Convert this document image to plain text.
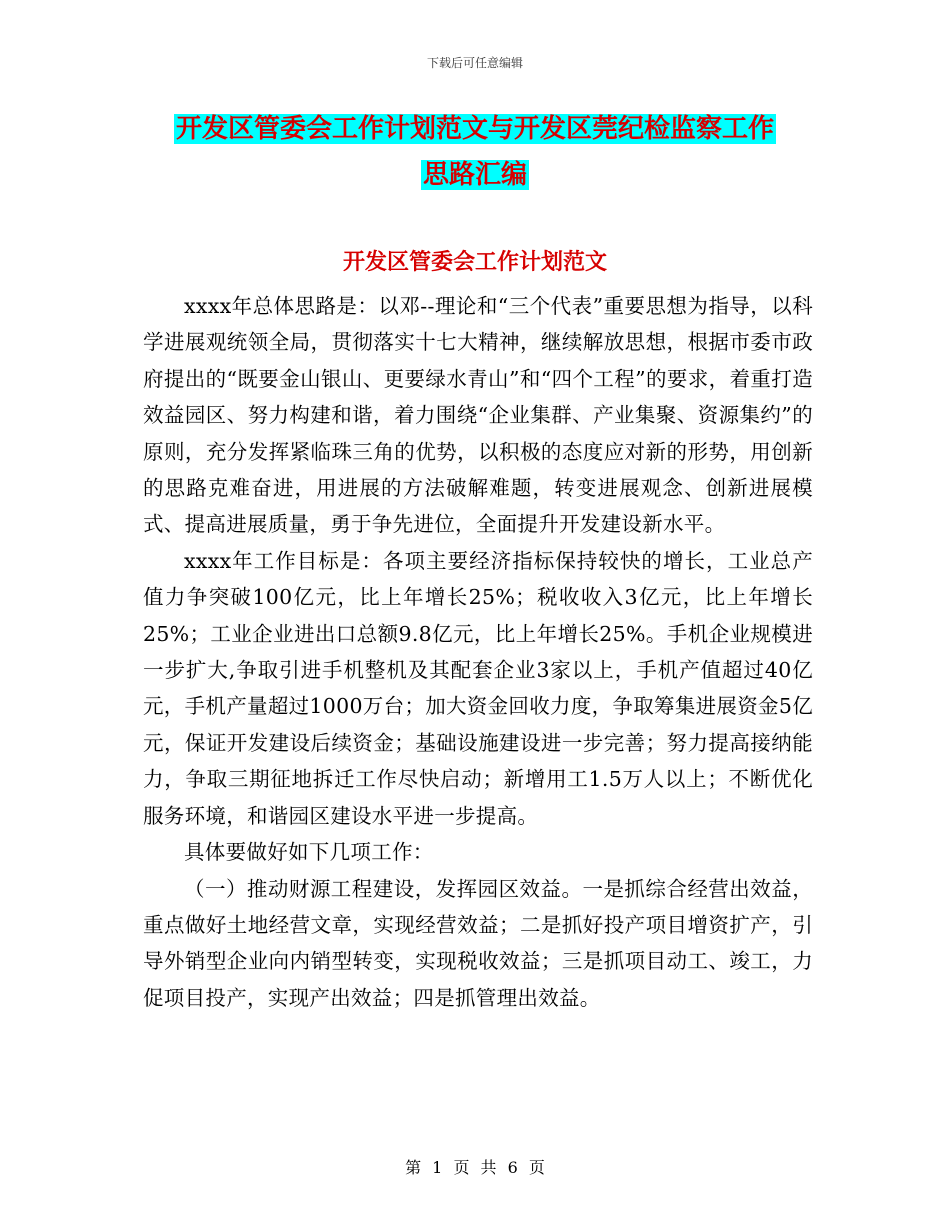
下载后可任意编辑
开发区管委会工作计划范文与开发区莞纪检监察工作
思路汇编
开发区管委会工作计划范文

xxxx年总体思路是：以邓--理论和“三个代表”重要思想为指导，以科学进展观统领全局，贯彻落实十七大精神，继续解放思想，根据市委市政府提出的“既要金山银山、更要绿水青山”和“四个工程”的要求，着重打造效益园区、努力构建和谐，着力围绕“企业集群、产业集聚、资源集约”的原则，充分发挥紧临珠三角的优势，以积极的态度应对新的形势，用创新的思路克难奋进，用进展的方法破解难题，转变进展观念、创新进展模式、提高进展质量，勇于争先进位，全面提升开发建设新水平。

xxxx年工作目标是：各项主要经济指标保持较快的增长，工业总产值力争突破100亿元，比上年增长25%；税收收入3亿元，比上年增长25%；工业企业进出口总额9.8亿元，比上年增长25%。手机企业规模进一步扩大,争取引进手机整机及其配套企业3家以上，手机产值超过40亿元，手机产量超过1000万台；加大资金回收力度，争取筹集进展资金5亿元，保证开发建设后续资金；基础设施建设进一步完善；努力提高接纳能力，争取三期征地拆迁工作尽快启动；新增用工1.5万人以上；不断优化服务环境，和谐园区建设水平进一步提高。

具体要做好如下几项工作：

（一）推动财源工程建设，发挥园区效益。一是抓综合经营出效益，重点做好土地经营文章，实现经营效益；二是抓好投产项目增资扩产，引导外销型企业向内销型转变，实现税收效益；三是抓项目动工、竣工，力促项目投产，实现产出效益；四是抓管理出效益。

第 1 页 共 6 页
